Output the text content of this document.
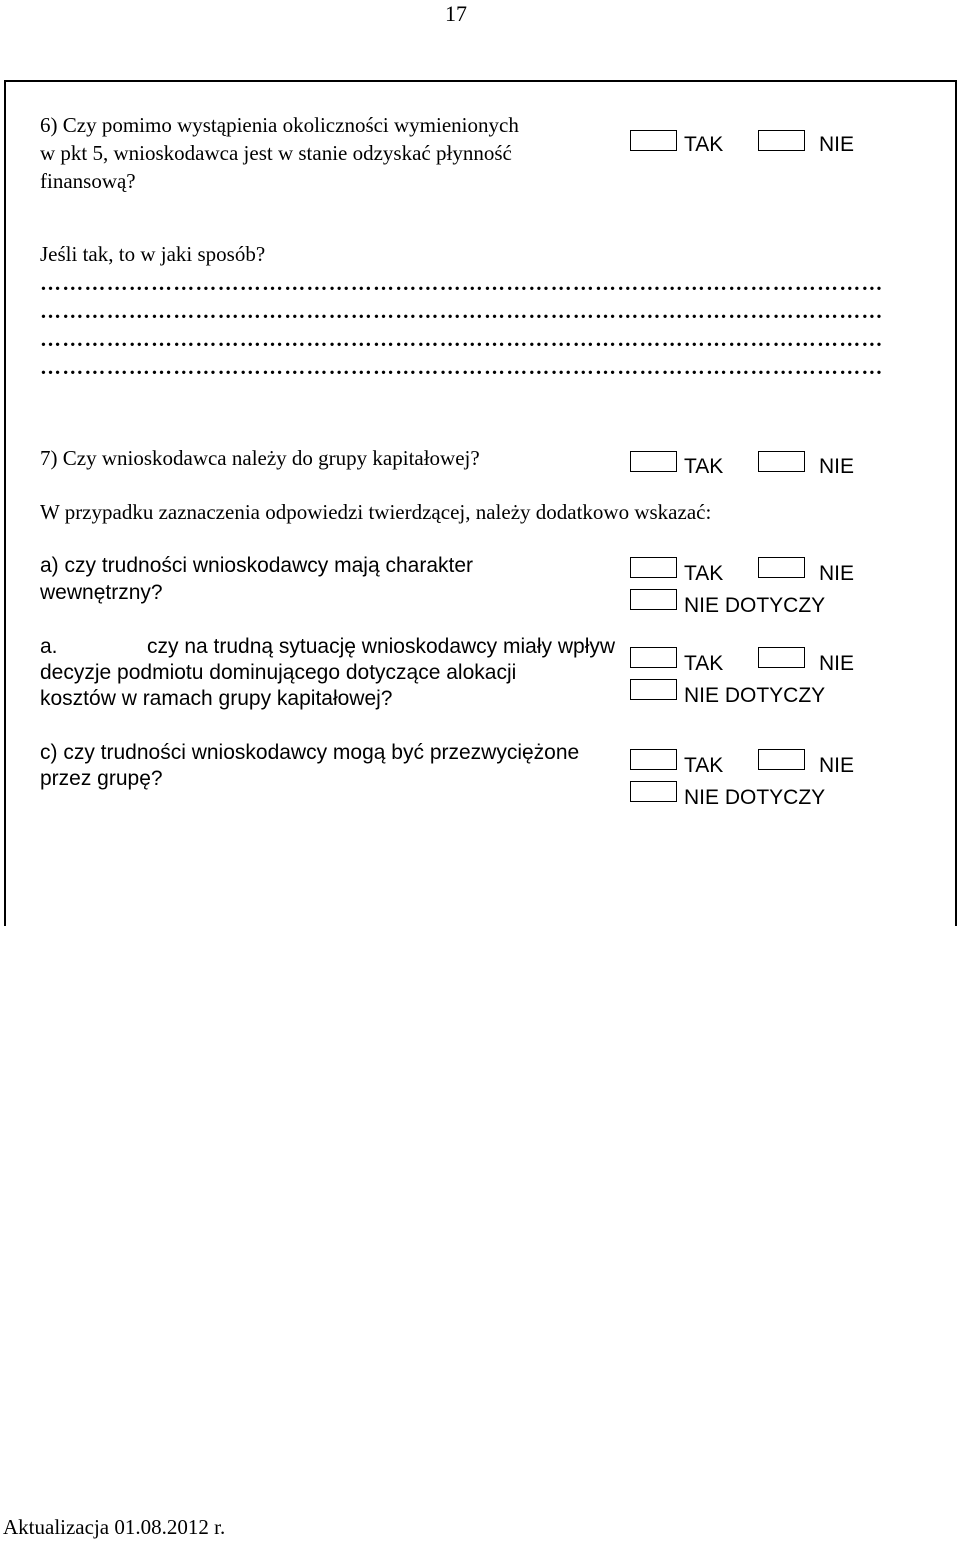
17
6) Czy pomimo wystąpienia okoliczności wymienionych
w pkt 5, wnioskodawca jest w stanie odzyskać płynność
finansową?
TAK	NIE
Jeśli tak, to w jaki sposób?
……………………………………………………………………………………………………
……………………………………………………………………………………………………
……………………………………………………………………………………………………
……………………………………………………………………………………………………
7) Czy wnioskodawca należy do grupy kapitałowej?	TAK	NIE
W przypadku zaznaczenia odpowiedzi twierdzącej, należy dodatkowo wskazać:
a) czy trudności wnioskodawcy mają charakter
wewnętrzny?
TAK	NIE
NIE DOTYCZY
a.	czy na trudną sytuację wnioskodawcy miały wpływ
decyzje podmiotu dominującego dotyczące alokacji
kosztów w ramach grupy kapitałowej?
TAK	NIE
NIE DOTYCZY
c) czy trudności wnioskodawcy mogą być przezwyciężone
przez grupę?
TAK	NIE
NIE DOTYCZY
Aktualizacja 01.08.2012 r.
